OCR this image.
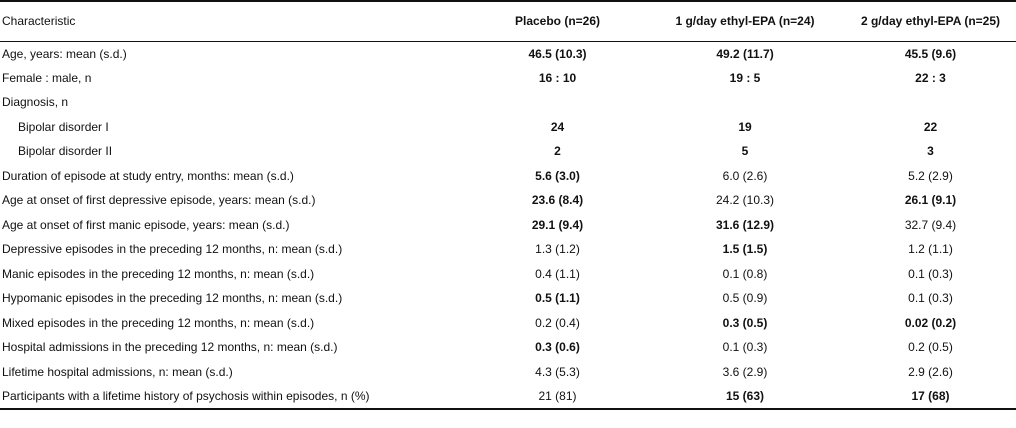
Characteristic	Placebo (n=26)	1 g/day ethyl-EPA (n=24)	2 g/day ethyl-EPA (n=25)
Age, years: mean (s.d.)	46.5 (10.3)	49.2 (11.7)	45.5 (9.6)
Female : male, n	16 : 10	19 : 5	22 : 3
Diagnosis, n			
Bipolar disorder I	24	19	22
Bipolar disorder II	2	5	3
Duration of episode at study entry, months: mean (s.d.)	5.6 (3.0)	6.0 (2.6)	5.2 (2.9)
Age at onset of first depressive episode, years: mean (s.d.)	23.6 (8.4)	24.2 (10.3)	26.1 (9.1)
Age at onset of first manic episode, years: mean (s.d.)	29.1 (9.4)	31.6 (12.9)	32.7 (9.4)
Depressive episodes in the preceding 12 months, n: mean (s.d.)	1.3 (1.2)	1.5 (1.5)	1.2 (1.1)
Manic episodes in the preceding 12 months, n: mean (s.d.)	0.4 (1.1)	0.1 (0.8)	0.1 (0.3)
Hypomanic episodes in the preceding 12 months, n: mean (s.d.)	0.5 (1.1)	0.5 (0.9)	0.1 (0.3)
Mixed episodes in the preceding 12 months, n: mean (s.d.)	0.2 (0.4)	0.3 (0.5)	0.02 (0.2)
Hospital admissions in the preceding 12 months, n: mean (s.d.)	0.3 (0.6)	0.1 (0.3)	0.2 (0.5)
Lifetime hospital admissions, n: mean (s.d.)	4.3 (5.3)	3.6 (2.9)	2.9 (2.6)
Participants with a lifetime history of psychosis within episodes, n (%)	21 (81)	15 (63)	17 (68)
